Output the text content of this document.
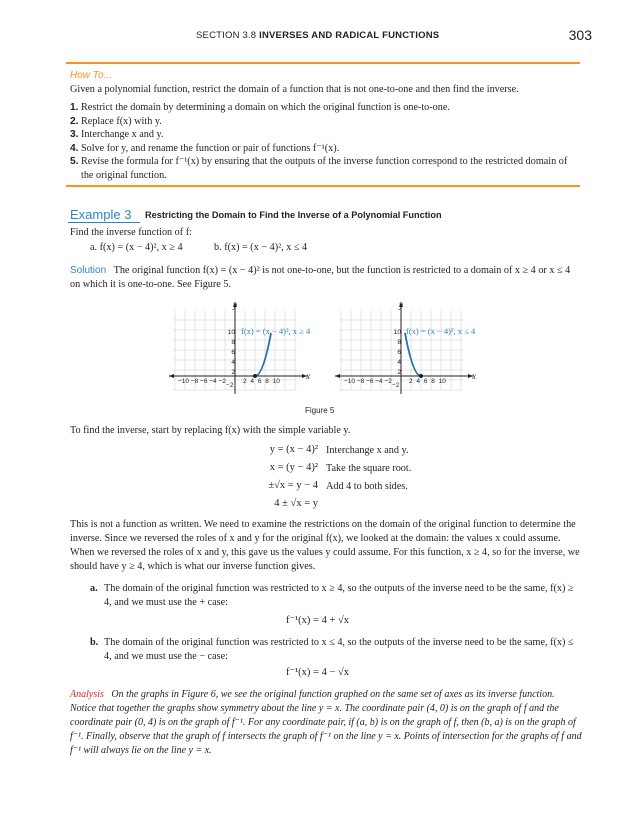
SECTION 3.8 INVERSES AND RADICAL FUNCTIONS	303
How To...
Given a polynomial function, restrict the domain of a function that is not one-to-one and then find the inverse.
1. Restrict the domain by determining a domain on which the original function is one-to-one.
2. Replace f(x) with y.
3. Interchange x and y.
4. Solve for y, and rename the function or pair of functions f⁻¹(x).
5. Revise the formula for f⁻¹(x) by ensuring that the outputs of the inverse function correspond to the restricted domain of the original function.
Example 3 Restricting the Domain to Find the Inverse of a Polynomial Function
Find the inverse function of f:
a. f(x) = (x − 4)², x ≥ 4	b. f(x) = (x − 4)², x ≤ 4
Solution The original function f(x) = (x − 4)² is not one-to-one, but the function is restricted to a domain of x ≥ 4 or x ≤ 4 on which it is one-to-one. See Figure 5.
y
x
f(x) = (x − 4)², x ≥ 4
−10 −8 −6 −4 −2	2 4 6 8 10
10
8
6
4
2
−2
y
x
f(x) = (x − 4)², x ≤ 4
−10 −8 −6 −4 −2	2 4 6 8 10
10
8
6
4
2
−2
Figure 5
To find the inverse, start by replacing f(x) with the simple variable y.
y = (x − 4)² Interchange x and y.
x = (y − 4)² Take the square root.
±√x = y − 4 Add 4 to both sides.
4 ± √x = y
This is not a function as written. We need to examine the restrictions on the domain of the original function to determine the inverse. Since we reversed the roles of x and y for the original f(x), we looked at the domain: the values x could assume. When we reversed the roles of x and y, this gave us the values y could assume. For this function, x ≥ 4, so for the inverse, we should have y ≥ 4, which is what our inverse function gives.
a. The domain of the original function was restricted to x ≥ 4, so the outputs of the inverse need to be the same, f(x) ≥ 4, and we must use the + case:
f⁻¹(x) = 4 + √x
b. The domain of the original function was restricted to x ≤ 4, so the outputs of the inverse need to be the same, f(x) ≤ 4, and we must use the − case:
f⁻¹(x) = 4 − √x
Analysis On the graphs in Figure 6, we see the original function graphed on the same set of axes as its inverse function. Notice that together the graphs show symmetry about the line y = x. The coordinate pair (4, 0) is on the graph of f and the coordinate pair (0, 4) is on the graph of f⁻¹. For any coordinate pair, if (a, b) is on the graph of f, then (b, a) is on the graph of f⁻¹. Finally, observe that the graph of f intersects the graph of f⁻¹ on the line y = x. Points of intersection for the graphs of f and f⁻¹ will always lie on the line y = x.
